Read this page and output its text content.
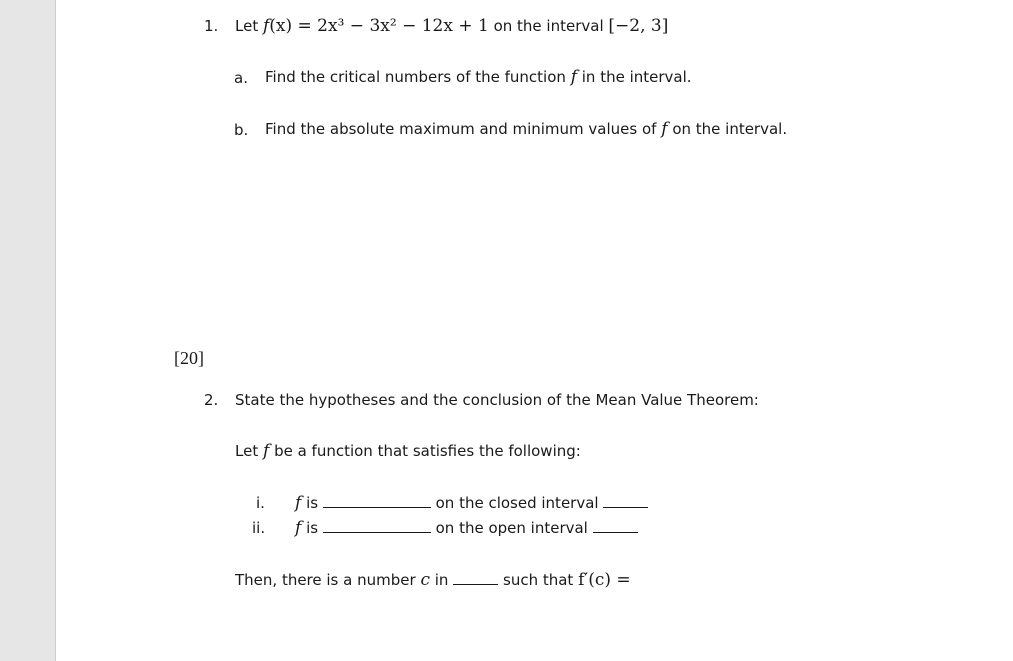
1. Let f(x) = 2x³ − 3x² − 12x + 1 on the interval [−2, 3]
a. Find the critical numbers of the function f in the interval.
b. Find the absolute maximum and minimum values of f on the interval.
[20]
2. State the hypotheses and the conclusion of the Mean Value Theorem:
Let f be a function that satisfies the following:
i. f is	on the closed interval
ii. f is	on the open interval
Then, there is a number c in	such that f′(c) =
